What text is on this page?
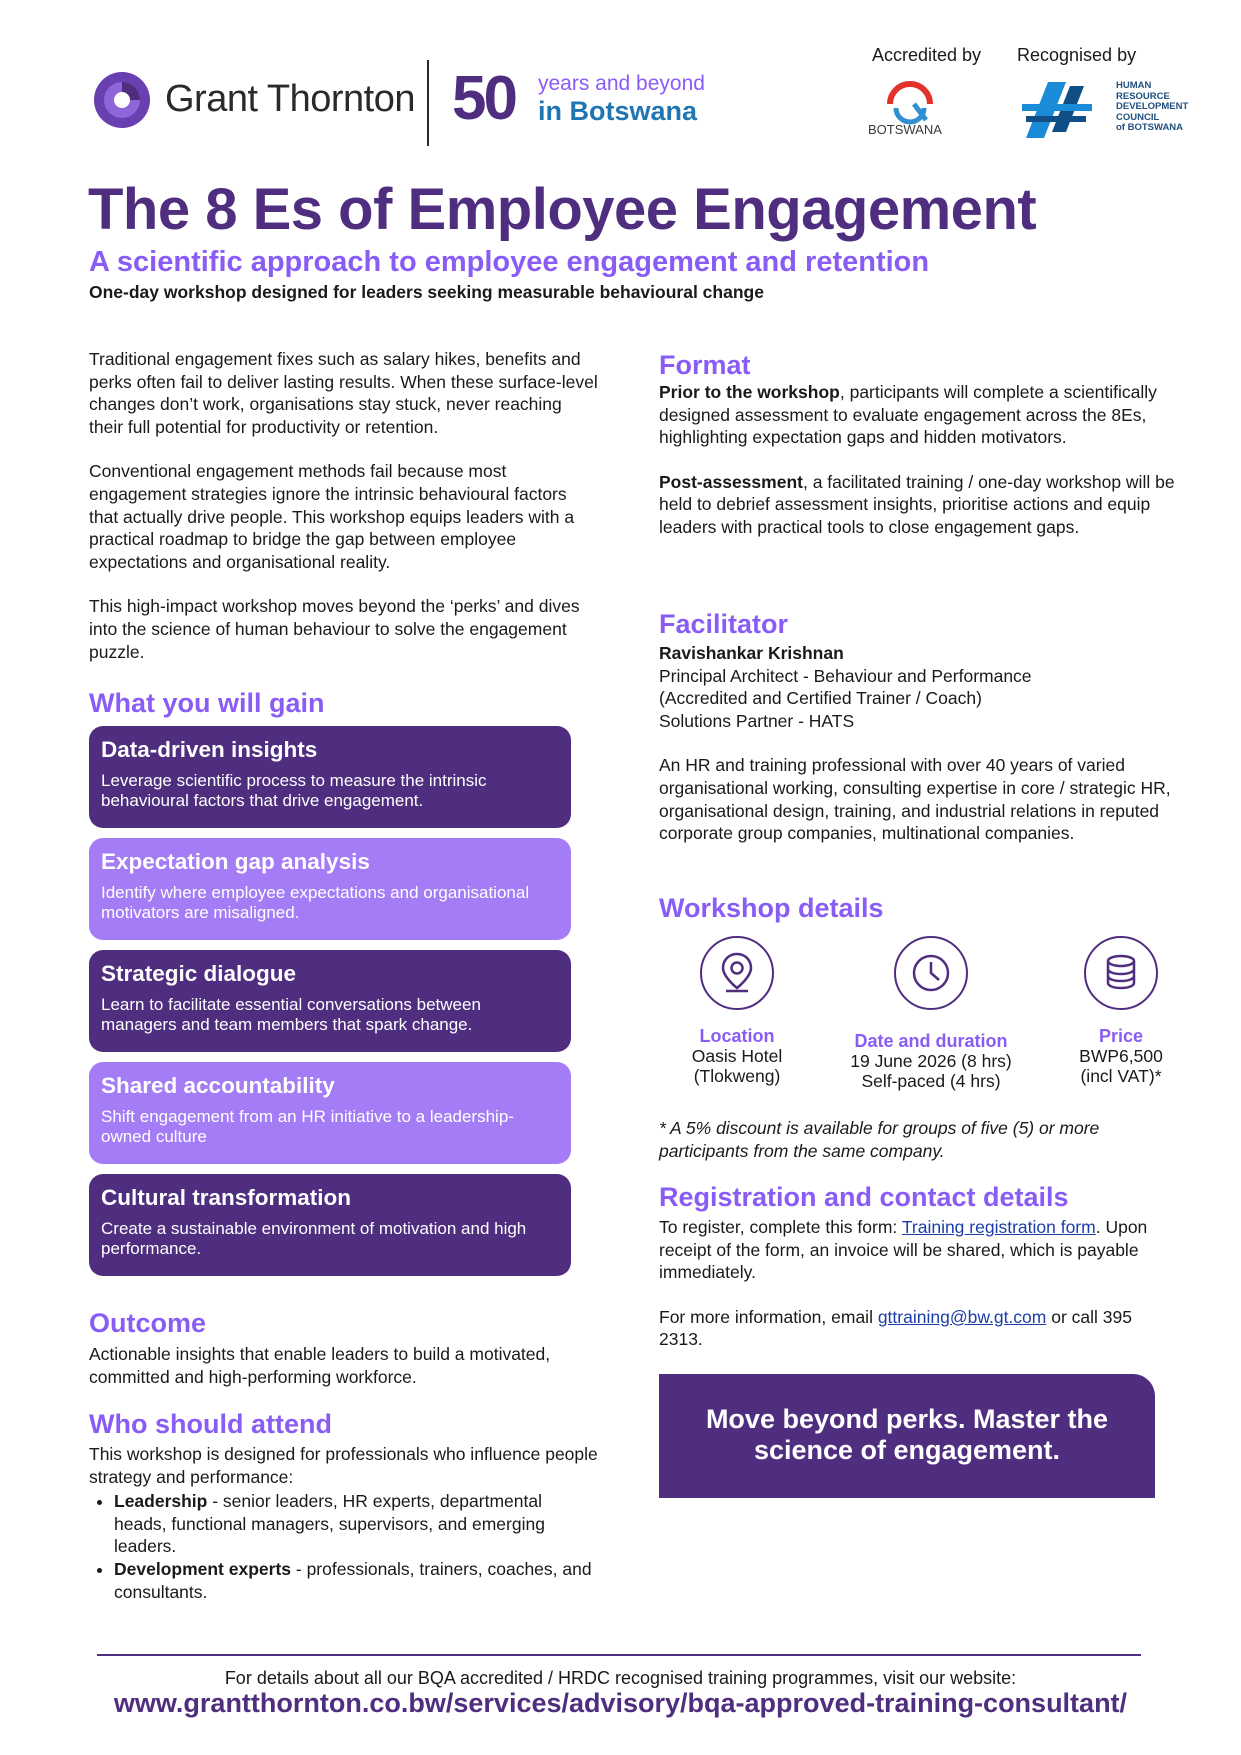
Grant Thornton 50 years and beyond
in Botswana
Accredited by Recognised by
BOTSWANA
HUMAN
RESOURCE
DEVELOPMENT
COUNCIL
of BOTSWANA
The 8 Es of Employee Engagement
A scientific approach to employee engagement and retention
One-day workshop designed for leaders seeking measurable behavioural change

Traditional engagement fixes such as salary hikes, benefits and perks often fail to deliver lasting results. When these surface-level changes don’t work, organisations stay stuck, never reaching their full potential for productivity or retention.

Conventional engagement methods fail because most engagement strategies ignore the intrinsic behavioural factors that actually drive people. This workshop equips leaders with a practical roadmap to bridge the gap between employee expectations and organisational reality.

This high-impact workshop moves beyond the ‘perks’ and dives into the science of human behaviour to solve the engagement puzzle.

What you will gain
Data-driven insights
Leverage scientific process to measure the intrinsic behavioural factors that drive engagement.
Expectation gap analysis
Identify where employee expectations and organisational motivators are misaligned.
Strategic dialogue
Learn to facilitate essential conversations between managers and team members that spark change.
Shared accountability
Shift engagement from an HR initiative to a leadership-owned culture
Cultural transformation
Create a sustainable environment of motivation and high performance.
Outcome
Actionable insights that enable leaders to build a motivated, committed and high-performing workforce.
Who should attend

This workshop is designed for professionals who influence people strategy and performance:

• Leadership - senior leaders, HR experts, departmental heads, functional managers, supervisors, and emerging leaders.
• Development experts - professionals, trainers, coaches, and consultants.
Format

Prior to the workshop, participants will complete a scientifically designed assessment to evaluate engagement across the 8Es, highlighting expectation gaps and hidden motivators.

Post-assessment, a facilitated training / one-day workshop will be held to debrief assessment insights, prioritise actions and equip leaders with practical tools to close engagement gaps.

Facilitator

Ravishankar Krishnan

Principal Architect - Behaviour and Performance

(Accredited and Certified Trainer / Coach)

Solutions Partner - HATS

An HR and training professional with over 40 years of varied organisational working, consulting expertise in core / strategic HR, organisational design, training, and industrial relations in reputed corporate group companies, multinational companies.

Workshop details
Location
Oasis Hotel
(Tlokweng)
Date and duration
19 June 2026 (8 hrs)
Self-paced (4 hrs)
Price
BWP6,500
(incl VAT)*
* A 5% discount is available for groups of five (5) or more participants from the same company.
Registration and contact details

To register, complete this form: Training registration form. Upon receipt of the form, an invoice will be shared, which is payable immediately.

For more information, email gttraining@bw.gt.com or call 395 2313.

Move beyond perks. Master the
science of engagement.
For details about all our BQA accredited / HRDC recognised training programmes, visit our website:
www.grantthornton.co.bw/services/advisory/bqa-approved-training-consultant/
